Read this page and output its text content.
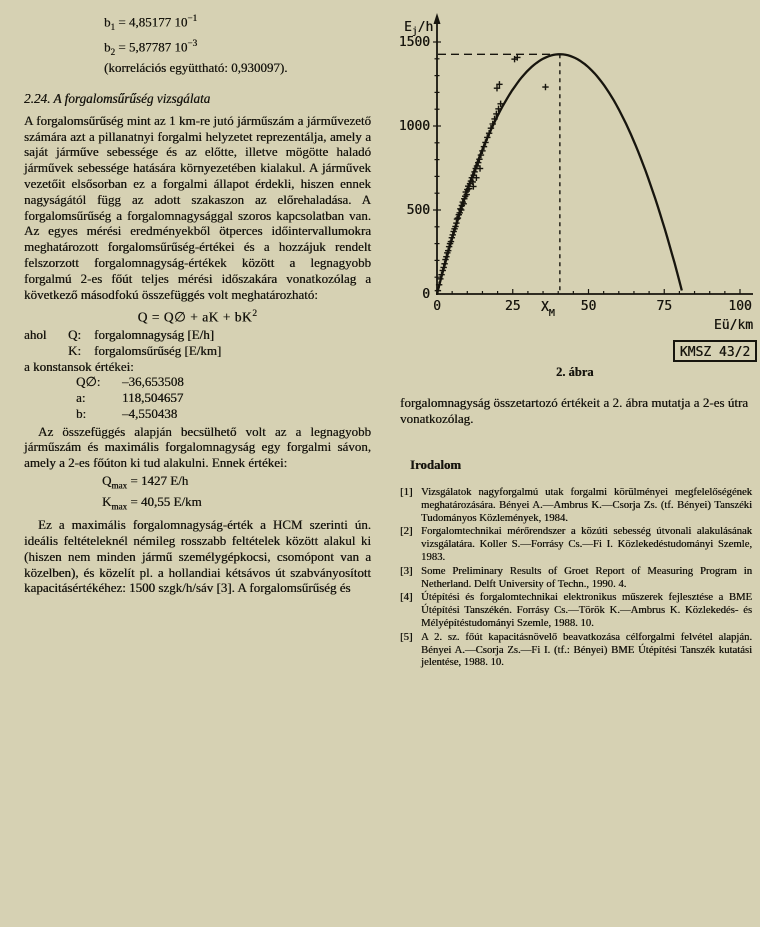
$b_1 = 4,85177$ $10^{-1}$
$b_2 = 5,87787$ $10^{-3}$
(korrelációs együttható: 0,930097).
2.24. A forgalomsűrűség vizsgálata

A forgalomsűrűség mint az 1 km-re jutó járműszám a járművezető számára azt a pillanatnyi forgalmi helyzetet reprezentálja, amely a saját járműve sebessége és az előtte, illetve mögötte haladó járművek sebessége hatására környezetében kialakul. A járművek vezetőit elsősorban ez a forgalmi állapot érdekli, hiszen ennek nagyságától függ az adott szakaszon az előrehaladása. A forgalomsűrűség a forgalomnagysággal szoros kapcsolatban van. Az egyes mérési eredményekből ötperces időintervallumokra meghatározott forgalomsűrűség-értékei és a hozzájuk rendelt felszorzott forgalomnagyság-értékek között a legnagyobb forgalmú 2-es főút teljes mérési időszakára vonatkozólag a következő másodfokú összefüggés volt meghatározható:

Q = Q∅ + aK + $bK^2$
ahol Q: forgalomnagyság [E/h]
K: forgalomsűrűség [E/km]
a konstansok értékei:
Q∅: –36,653508
a:	118,504657
b:	–4,550438

Az összefüggés alapján becsülhető volt az a legnagyobb járműszám és maximális forgalomnagyság egy forgalmi sávon, amely a 2-es főúton ki tud alakulni. Ennek értékei:

$Q_{max} = 1427$ E/h
$K_{max} = 40,55$ E/km

Ez a maximális forgalomnagyság-érték a HCM szerinti ún. ideális feltételeknél némileg rosszabb feltételek között alakul ki (hiszen nem minden jármű személygépkocsi, csomópont van a közelben), és közelít pl. a hollandiai kétsávos út szabványosított kapacitásértékéhez: 1500 szgk/h/sáv [3]. A forgalomsűrűség és

0	25	50	75	100
0
500
1000
1500
$E_j/h$
Eü/km
$X_M$
KMSZ 43/2
2. ábra

forgalomnagyság összetartozó értékeit a 2. ábra mutatja a 2-es útra vonatkozólag.

Irodalom
[1] Vizsgálatok nagyforgalmú utak forgalmi körülményei megfelelőségének meghatározására. Bényei A.—Ambrus K.—Csorja Zs. (tf. Bényei) Tanszéki Tudományos Közlemények, 1984.
[2] Forgalomtechnikai mérőrendszer a közúti sebesség útvonali alakulásának vizsgálatára. Koller S.—Forrásy Cs.—Fi I. Közlekedéstudományi Szemle, 1983.
[3] Some Preliminary Results of Groet Report of Measuring Program in Netherland. Delft University of Techn., 1990. 4.
[4] Útépítési és forgalomtechnikai elektronikus műszerek fejlesztése a BME Útépítési Tanszékén. Forrásy Cs.—Török K.—Ambrus K. Közlekedés- és Mélyépítéstudományi Szemle, 1988. 10.
[5] A 2. sz. főút kapacitásnövelő beavatkozása célforgalmi felvétel alapján. Bényei A.—Csorja Zs.—Fi I. (tf.: Bényei) BME Útépítési Tanszék kutatási jelentése, 1988. 10.
